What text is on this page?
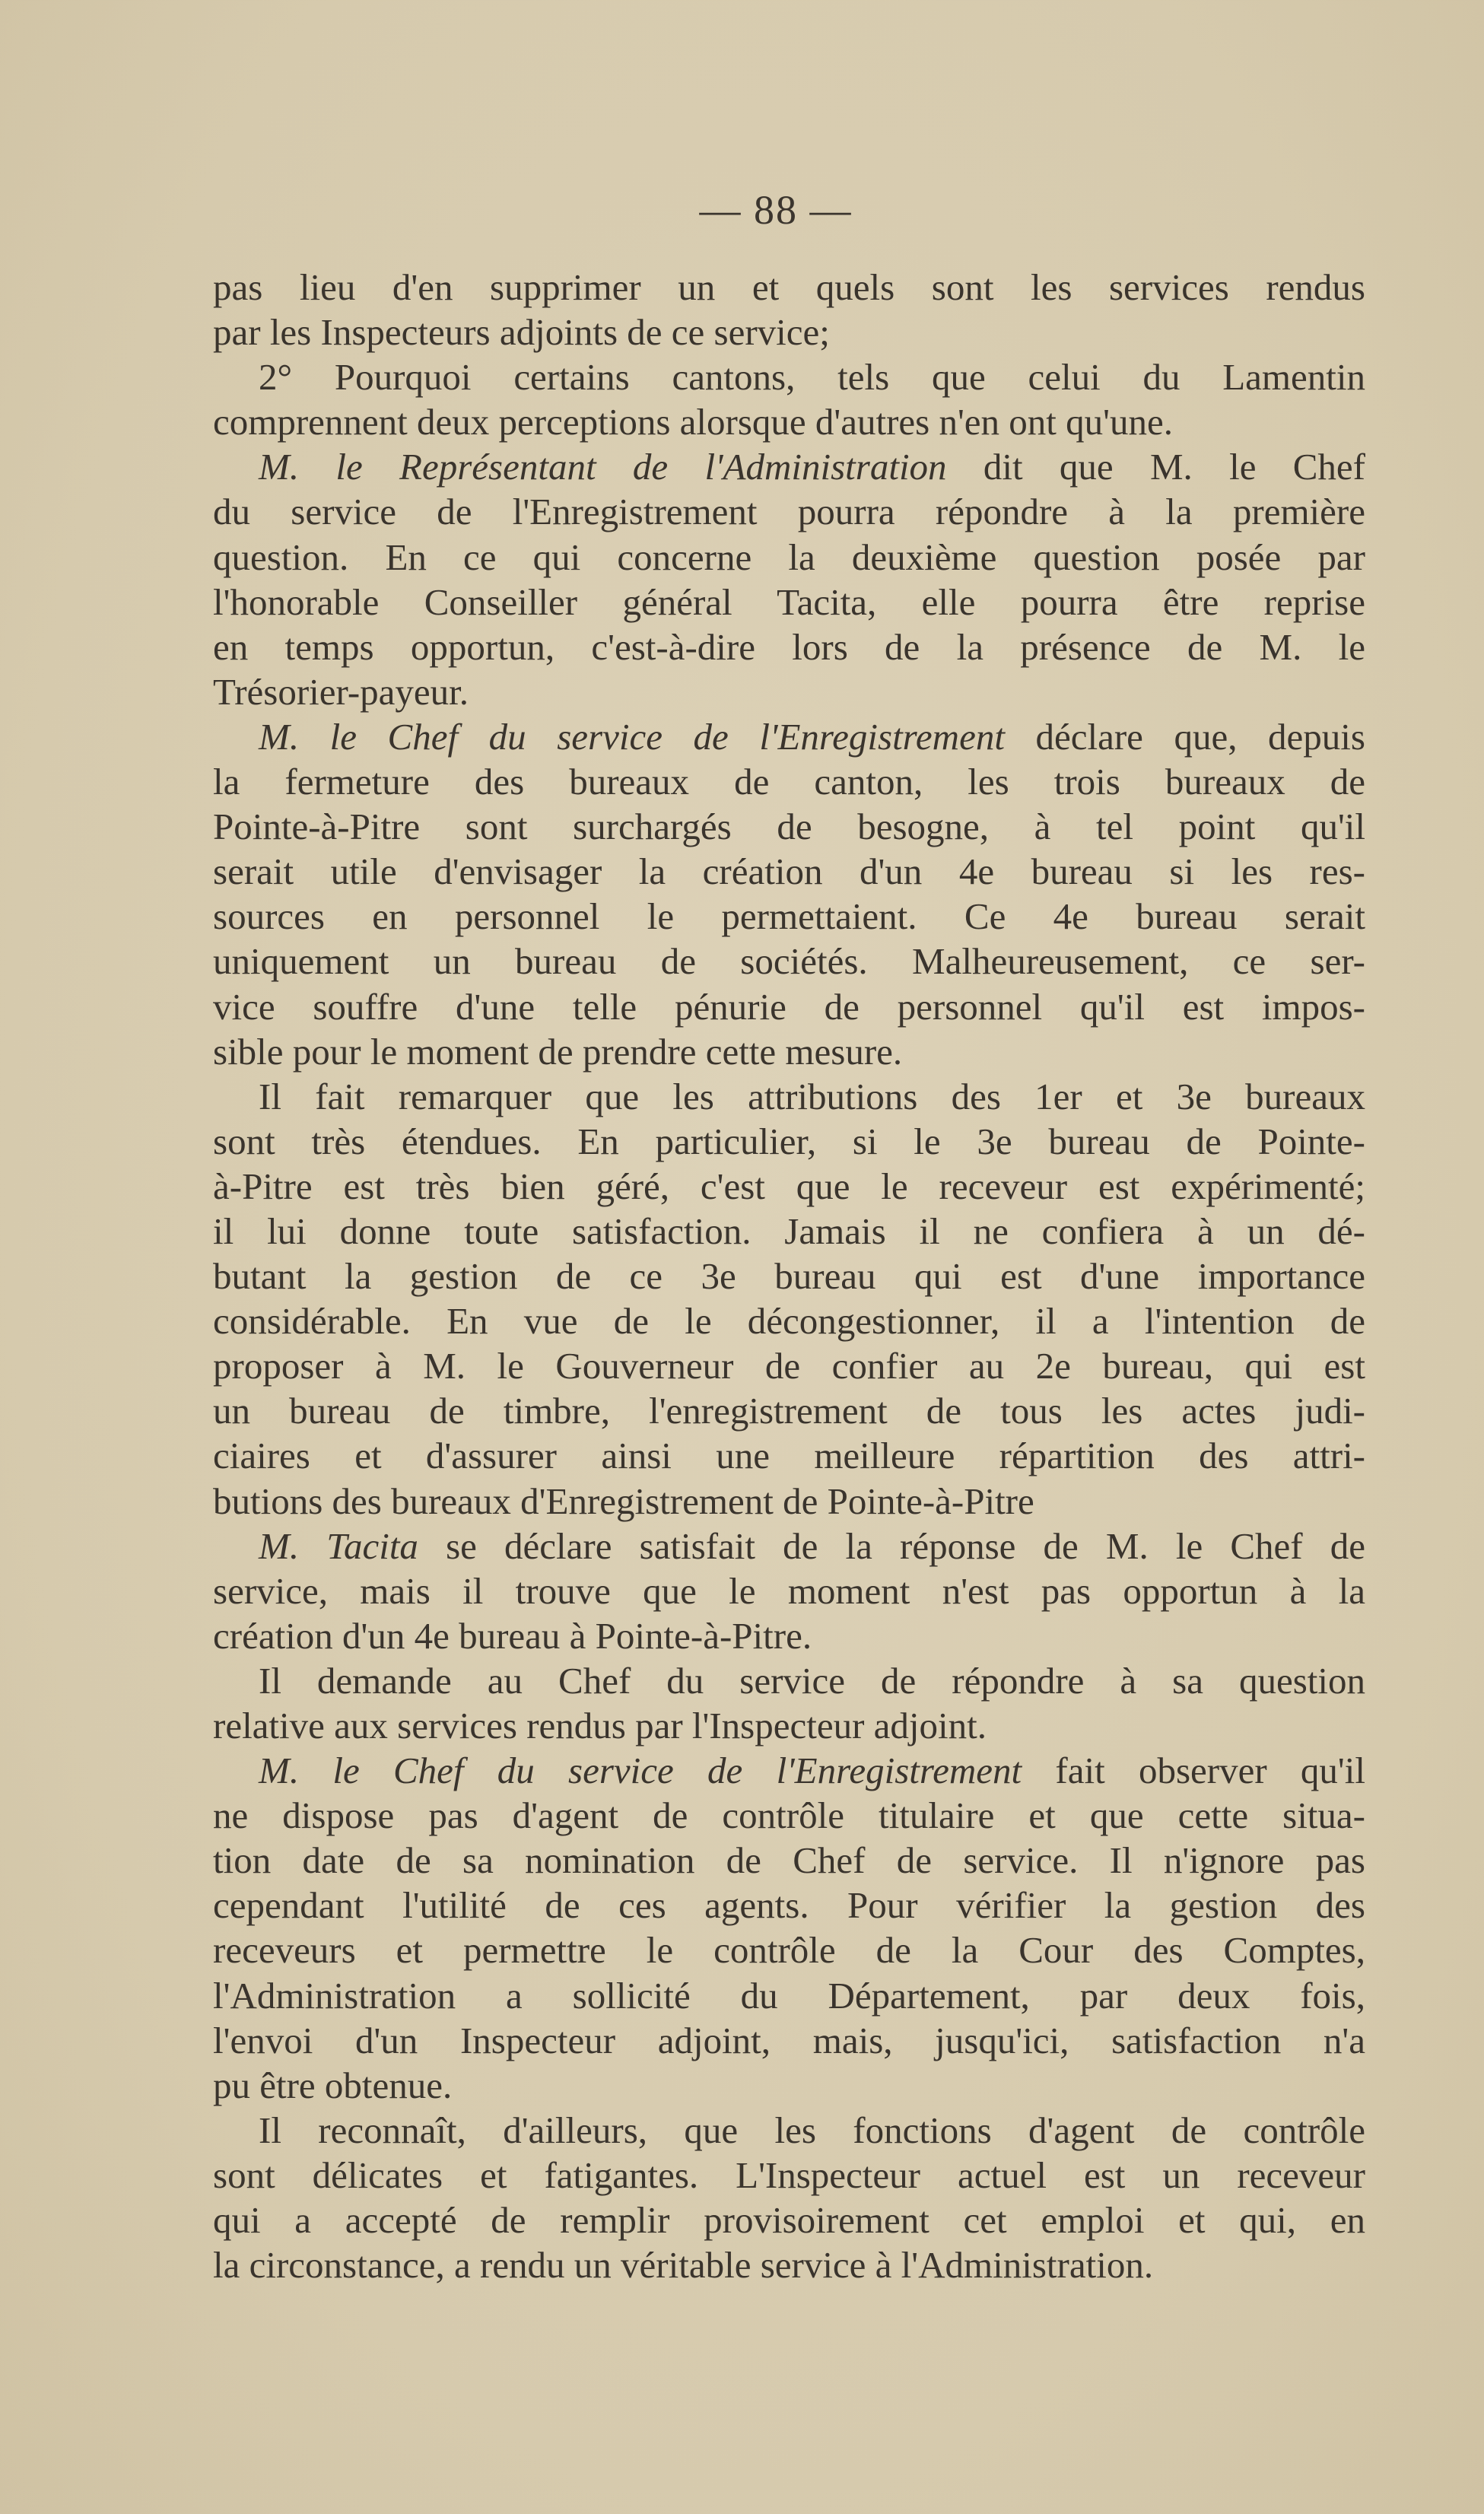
— 88 —
pas lieu d'en supprimer un et quels sont les services rendus
par les Inspecteurs adjoints de ce service;
2° Pourquoi certains cantons, tels que celui du Lamentin
comprennent deux perceptions alorsque d'autres n'en ont qu'une.
M. le Représentant de l'Administration dit que M. le Chef
du service de l'Enregistrement pourra répondre à la première
question. En ce qui concerne la deuxième question posée par
l'honorable Conseiller général Tacita, elle pourra être reprise
en temps opportun, c'est-à-dire lors de la présence de M. le
Trésorier-payeur.
M. le Chef du service de l'Enregistrement déclare que, depuis
la fermeture des bureaux de canton, les trois bureaux de
Pointe-à-Pitre sont surchargés de besogne, à tel point qu'il
serait utile d'envisager la création d'un 4e bureau si les res-
sources en personnel le permettaient. Ce 4e bureau serait
uniquement un bureau de sociétés. Malheureusement, ce ser-
vice souffre d'une telle pénurie de personnel qu'il est impos-
sible pour le moment de prendre cette mesure.
Il fait remarquer que les attributions des 1er et 3e bureaux
sont très étendues. En particulier, si le 3e bureau de Pointe-
à-Pitre est très bien géré, c'est que le receveur est expérimenté;
il lui donne toute satisfaction. Jamais il ne confiera à un dé-
butant la gestion de ce 3e bureau qui est d'une importance
considérable. En vue de le décongestionner, il a l'intention de
proposer à M. le Gouverneur de confier au 2e bureau, qui est
un bureau de timbre, l'enregistrement de tous les actes judi-
ciaires et d'assurer ainsi une meilleure répartition des attri-
butions des bureaux d'Enregistrement de Pointe-à-Pitre
M. Tacita se déclare satisfait de la réponse de M. le Chef de
service, mais il trouve que le moment n'est pas opportun à la
création d'un 4e bureau à Pointe-à-Pitre.
Il demande au Chef du service de répondre à sa question
relative aux services rendus par l'Inspecteur adjoint.
M. le Chef du service de l'Enregistrement fait observer qu'il
ne dispose pas d'agent de contrôle titulaire et que cette situa-
tion date de sa nomination de Chef de service. Il n'ignore pas
cependant l'utilité de ces agents. Pour vérifier la gestion des
receveurs et permettre le contrôle de la Cour des Comptes,
l'Administration a sollicité du Département, par deux fois,
l'envoi d'un Inspecteur adjoint, mais, jusqu'ici, satisfaction n'a
pu être obtenue.
Il reconnaît, d'ailleurs, que les fonctions d'agent de contrôle
sont délicates et fatigantes. L'Inspecteur actuel est un receveur
qui a accepté de remplir provisoirement cet emploi et qui, en
la circonstance, a rendu un véritable service à l'Administration.
